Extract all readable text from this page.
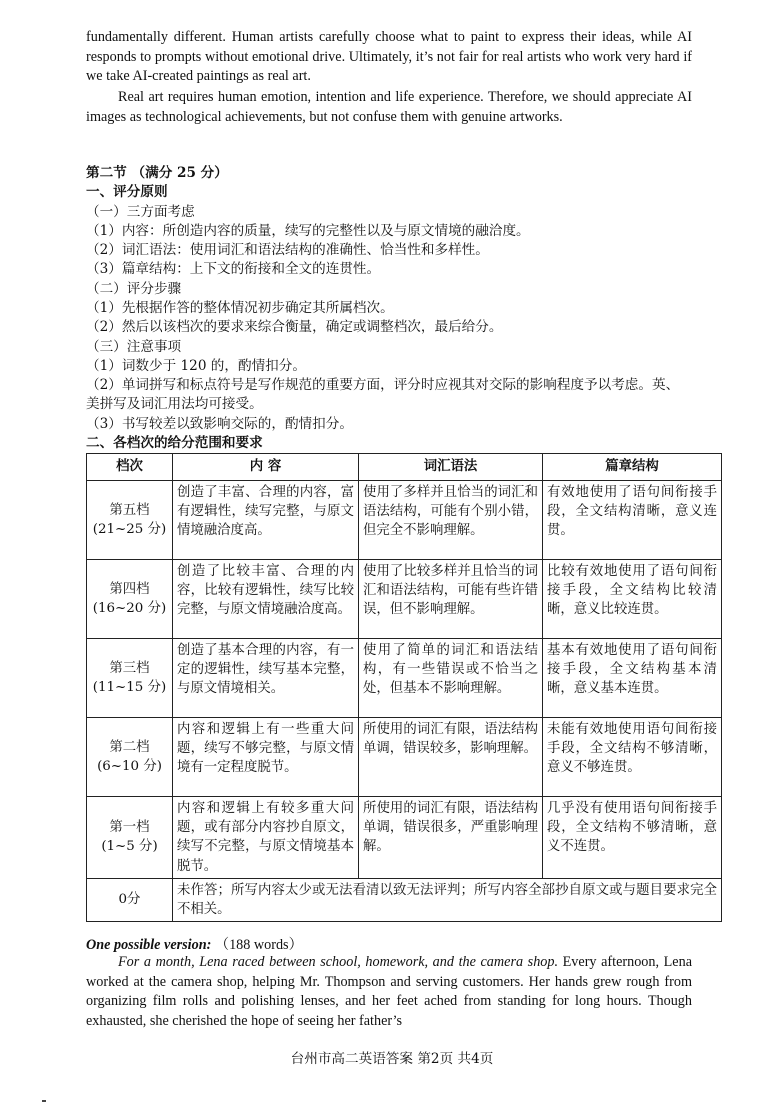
fundamentally different. Human artists carefully choose what to paint to express their ideas, while AI responds to prompts without emotional drive. Ultimately, it’s not fair for real artists who work very hard if we take AI-created paintings as real art.

Real art requires human emotion, intention and life experience. Therefore, we should appreciate AI images as technological achievements, but not confuse them with genuine artworks.

第二节 （满分 25 分）
一、评分原则
（一）三方面考虑
（1）内容：所创造内容的质量，续写的完整性以及与原文情境的融洽度。
（2）词汇语法：使用词汇和语法结构的准确性、恰当性和多样性。
（3）篇章结构：上下文的衔接和全文的连贯性。
（二）评分步骤
（1）先根据作答的整体情况初步确定其所属档次。
（2）然后以该档次的要求来综合衡量，确定或调整档次，最后给分。
（三）注意事项
（1）词数少于 120 的，酌情扣分。
（2）单词拼写和标点符号是写作规范的重要方面，评分时应视其对交际的影响程度予以考虑。英、美拼写及词汇用法均可接受。
（3）书写较差以致影响交际的，酌情扣分。
二、各档次的给分范围和要求
档次	内 容	词汇语法	篇章结构
第五档
(21~25 分)	创造了丰富、合理的内容，富有逻辑性，续写完整，与原文情境融洽度高。	使用了多样并且恰当的词汇和语法结构，可能有个别小错，但完全不影响理解。	有效地使用了语句间衔接手段，全文结构清晰，意义连贯。
第四档
(16~20 分)	创造了比较丰富、合理的内容，比较有逻辑性，续写比较完整，与原文情境融洽度高。	使用了比较多样并且恰当的词汇和语法结构，可能有些许错误，但不影响理解。	比较有效地使用了语句间衔接手段，全文结构比较清晰，意义比较连贯。
第三档
(11~15 分)	创造了基本合理的内容，有一定的逻辑性，续写基本完整，与原文情境相关。	使用了简单的词汇和语法结构，有一些错误或不恰当之处，但基本不影响理解。	基本有效地使用了语句间衔接手段，全文结构基本清晰，意义基本连贯。
第二档
(6~10 分)	内容和逻辑上有一些重大问题，续写不够完整，与原文情境有一定程度脱节。	所使用的词汇有限，语法结构单调，错误较多，影响理解。	未能有效地使用语句间衔接手段，全文结构不够清晰，意义不够连贯。
第一档
(1~5 分)	内容和逻辑上有较多重大问题，或有部分内容抄自原文，续写不完整，与原文情境基本脱节。	所使用的词汇有限，语法结构单调，错误很多，严重影响理解。	几乎没有使用语句间衔接手段，全文结构不够清晰，意义不连贯。
0分	未作答；所写内容太少或无法看清以致无法评判；所写内容全部抄自原文或与题目要求完全不相关。		
One possible version: （188 words）

For a month, Lena raced between school, homework, and the camera shop. Every afternoon, Lena worked at the camera shop, helping Mr. Thompson and serving customers. Her hands grew rough from organizing film rolls and polishing lenses, and her feet ached from standing for long hours. Though exhausted, she cherished the hope of seeing her father’s

台州市高二英语答案 第2页 共4页
